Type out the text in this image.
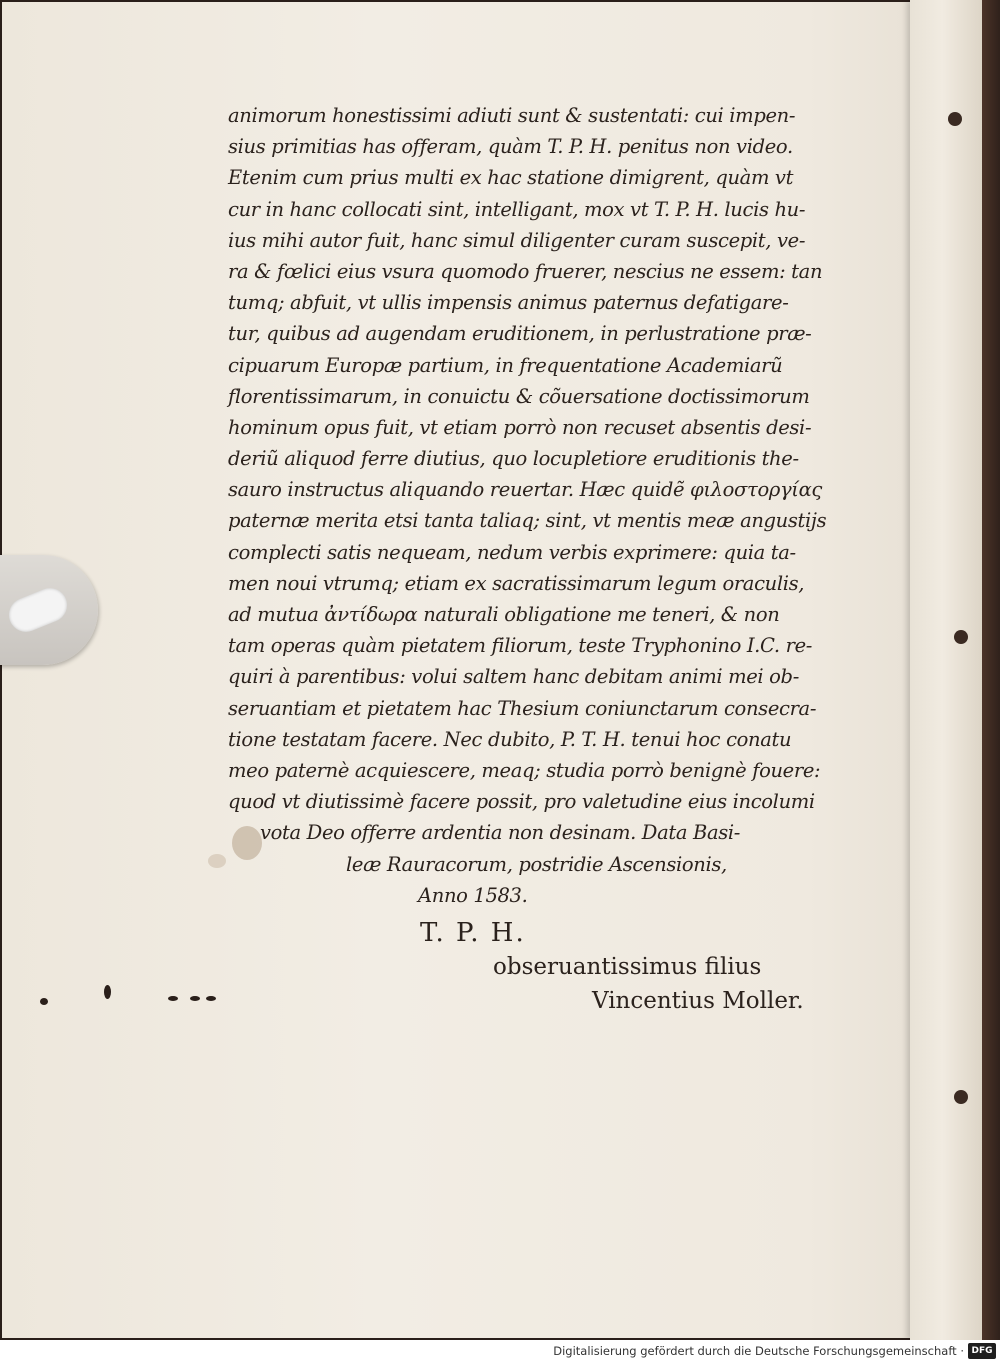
animorum honestissimi adiuti sunt & sustentati: cui impen-
sius primitias has offeram, quàm T. P. H. penitus non video.
Etenim cum prius multi ex hac statione dimigrent, quàm vt
cur in hanc collocati sint, intelligant, mox vt T. P. H. lucis hu-
ius mihi autor fuit, hanc simul diligenter curam suscepit, ve-
ra & fœlici eius vsura quomodo fruerer, nescius ne essem: tan
tumq; abfuit, vt ullis impensis animus paternus defatigare-
tur, quibus ad augendam eruditionem, in perlustratione præ-
cipuarum Europæ partium, in frequentatione Academiarũ
florentissimarum, in conuictu & cõuersatione doctissimorum
hominum opus fuit, vt etiam porrò non recuset absentis desi-
deriũ aliquod ferre diutius, quo locupletiore eruditionis the-
sauro instructus aliquando reuertar. Hæc quidẽ φιλοστοργίας
paternæ merita etsi tanta taliaq; sint, vt mentis meæ angustijs
complecti satis nequeam, nedum verbis exprimere: quia ta-
men noui vtrumq; etiam ex sacratissimarum legum oraculis,
ad mutua ἀντίδωρα naturali obligatione me teneri, & non
tam operas quàm pietatem filiorum, teste Tryphonino I.C. re-
quiri à parentibus: volui saltem hanc debitam animi mei ob-
seruantiam et pietatem hac Thesium coniunctarum consecra-
tione testatam facere. Nec dubito, P. T. H. tenui hoc conatu
meo paternè acquiescere, meaq; studia porrò benignè fouere:
quod vt diutissimè facere possit, pro valetudine eius incolumi
vota Deo offerre ardentia non desinam. Data Basi-
leæ Rauracorum, postridie Ascensionis,
Anno 1583.
T. P. H.
obseruantissimus filius
Vincentius Moller.
Digitalisierung gefördert durch die Deutsche Forschungsgemeinschaft · DFG
